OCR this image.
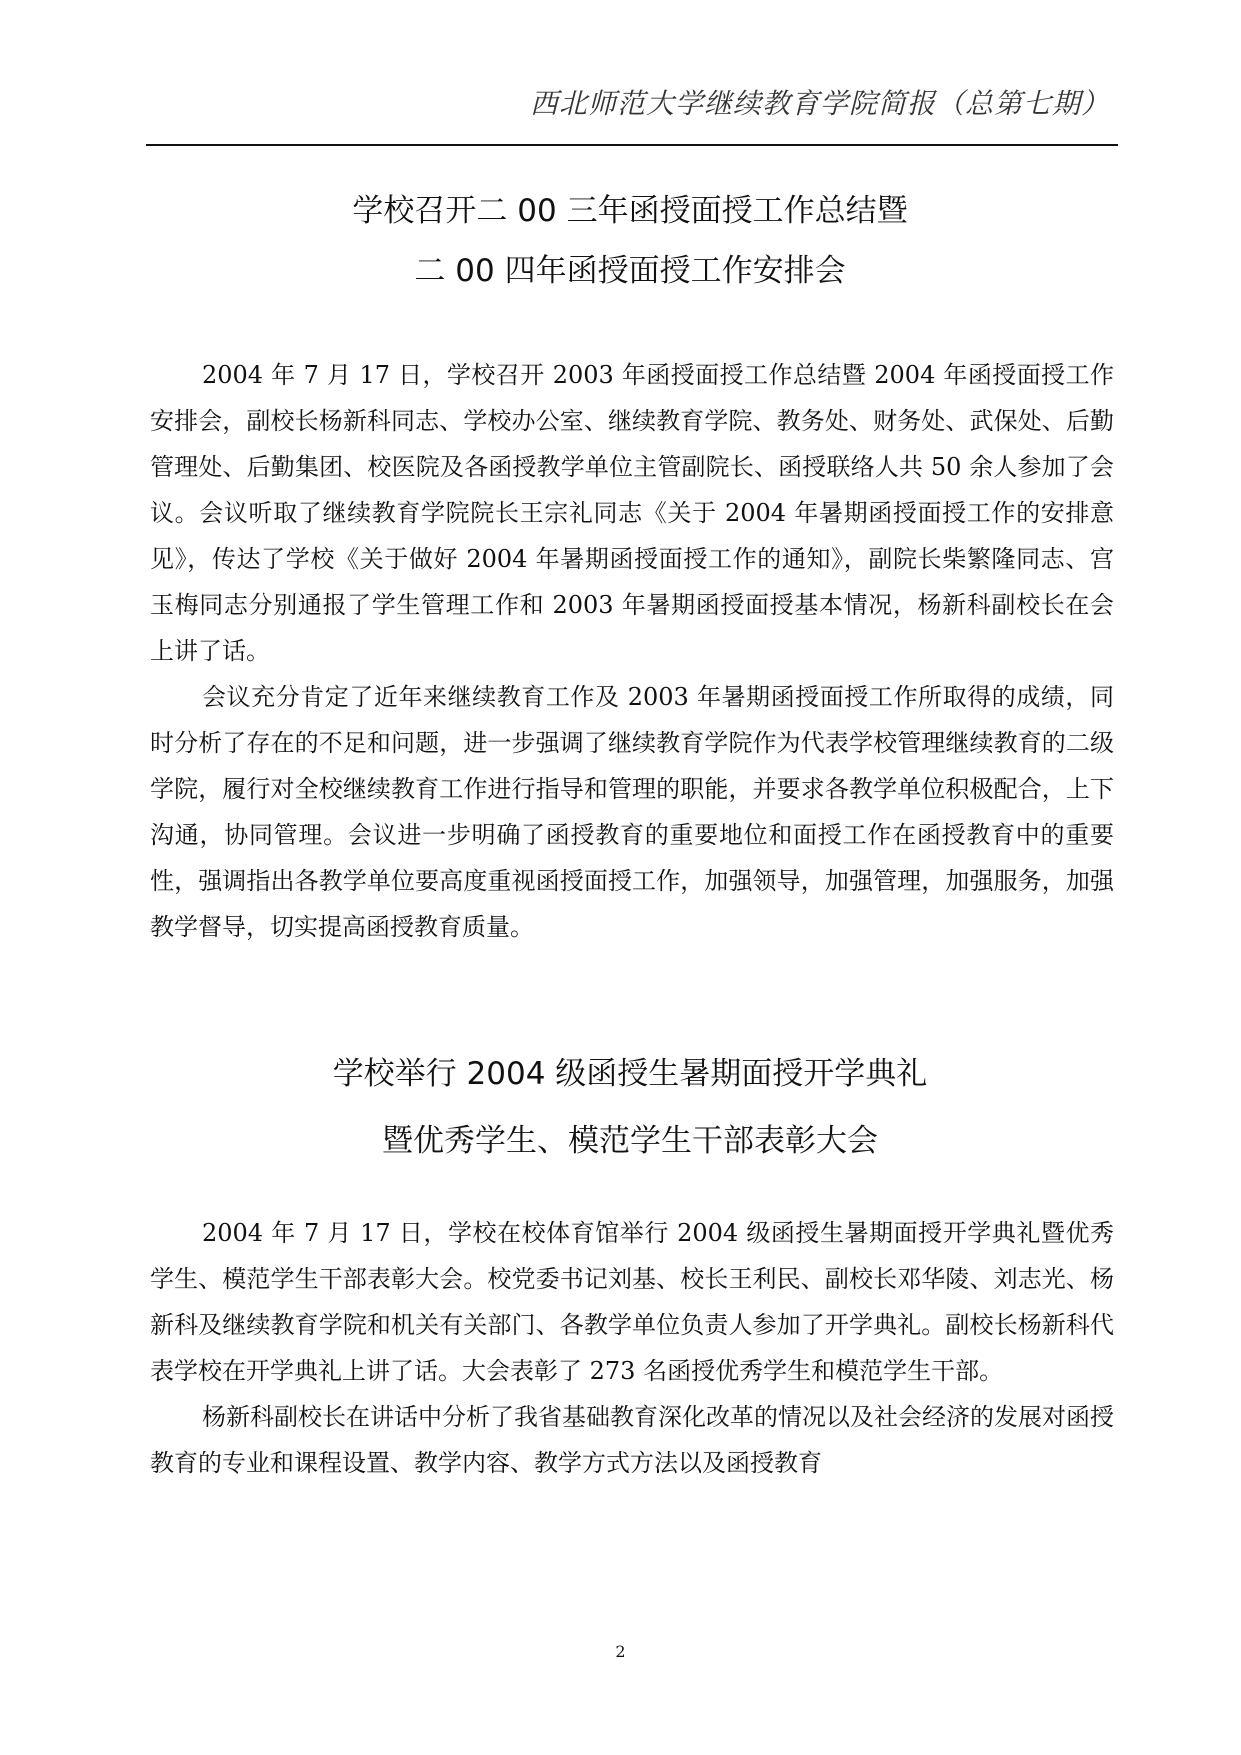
西北师范大学继续教育学院简报（总第七期）
学校召开二 00 三年函授面授工作总结暨
二 00 四年函授面授工作安排会

2004 年 7 月 17 日，学校召开 2003 年函授面授工作总结暨 2004 年函授面授工作安排会，副校长杨新科同志、学校办公室、继续教育学院、教务处、财务处、武保处、后勤管理处、后勤集团、校医院及各函授教学单位主管副院长、函授联络人共 50 余人参加了会议。会议听取了继续教育学院院长王宗礼同志《关于 2004 年暑期函授面授工作的安排意见》，传达了学校《关于做好 2004 年暑期函授面授工作的通知》，副院长柴繁隆同志、宫玉梅同志分别通报了学生管理工作和 2003 年暑期函授面授基本情况，杨新科副校长在会上讲了话。

会议充分肯定了近年来继续教育工作及 2003 年暑期函授面授工作所取得的成绩，同时分析了存在的不足和问题，进一步强调了继续教育学院作为代表学校管理继续教育的二级学院，履行对全校继续教育工作进行指导和管理的职能，并要求各教学单位积极配合，上下沟通，协同管理。会议进一步明确了函授教育的重要地位和面授工作在函授教育中的重要性，强调指出各教学单位要高度重视函授面授工作，加强领导，加强管理，加强服务，加强教学督导，切实提高函授教育质量。

学校举行 2004 级函授生暑期面授开学典礼
暨优秀学生、模范学生干部表彰大会

2004 年 7 月 17 日，学校在校体育馆举行 2004 级函授生暑期面授开学典礼暨优秀学生、模范学生干部表彰大会。校党委书记刘基、校长王利民、副校长邓华陵、刘志光、杨新科及继续教育学院和机关有关部门、各教学单位负责人参加了开学典礼。副校长杨新科代表学校在开学典礼上讲了话。大会表彰了 273 名函授优秀学生和模范学生干部。

杨新科副校长在讲话中分析了我省基础教育深化改革的情况以及社会经济的发展对函授教育的专业和课程设置、教学内容、教学方式方法以及函授教育

2
